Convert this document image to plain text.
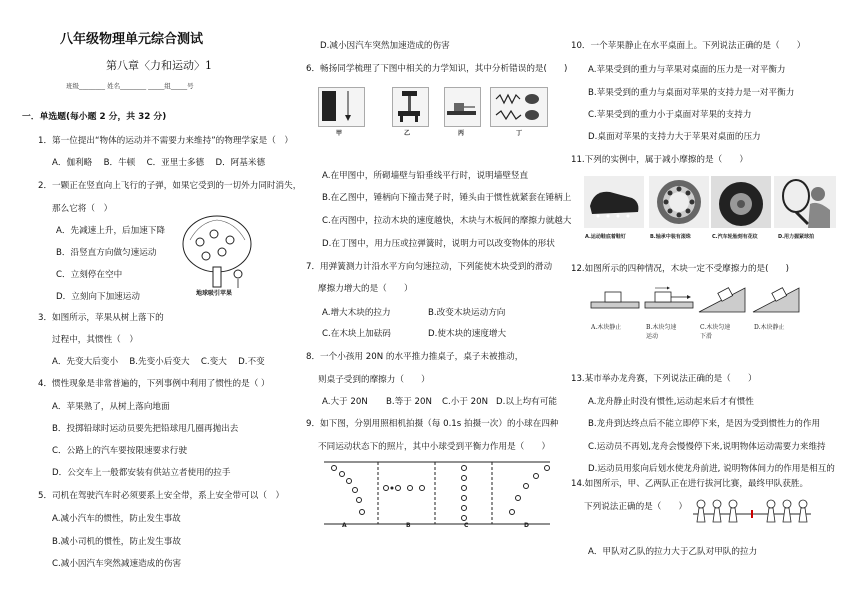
八年级物理单元综合测试
第八章〈力和运动〉1
班级________ 姓名________ _____组_____号
一．单选题(每小题 2 分，共 32 分)
1．第一位提出“物体的运动并不需要力来维持”的物理学家是（　）
A．伽利略　 B．牛顿　 C．亚里士多德　 D．阿基米德
2．一颗正在竖直向上飞行的子弹，如果它受到的一切外力同时消失，
那么它将（　）
A．先减速上升，后加速下降
B．沿竖直方向做匀速运动
C．立刻停在空中
D．立刻向下加速运动
3．如图所示，苹果从树上落下的
过程中，其惯性（　）
A．先变大后变小　 B.先变小后变大　 C.变大　 D.不变
4．惯性现象是非常普遍的，下列事例中利用了惯性的是（ ）
A．苹果熟了，从树上落向地面
B．投掷铅球时运动员要先把铅球甩几圈再抛出去
C．公路上的汽车要按限速要求行驶
D．公交车上一般都安装有供站立者使用的拉手
5．司机在驾驶汽车时必须要系上安全带，系上安全带可以（　）
A.减小汽车的惯性，防止发生事故
B.减小司机的惯性，防止发生事故
C.减小因汽车突然减速造成的伤害
地球吸引苹果
D.减小因汽车突然加速造成的伤害
6．畅扬同学梳理了下图中相关的力学知识，其中分析错误的是(　　)
甲	乙	丙	丁
A.在甲图中，所砌墙壁与铅垂线平行时，说明墙壁竖直
B.在乙图中，锤柄向下撞击凳子时，锤头由于惯性就紧套在锤柄上
C.在丙图中，拉动木块的速度越快，木块与木板间的摩擦力就越大
D.在丁图中，用力压或拉弹簧时，说明力可以改变物体的形状
7．用弹簧测力计沿水平方向匀速拉动，下列能使木块受到的滑动
摩擦力增大的是（　　）
A.增大木块的拉力	B.改变木块运动方向
C.在木块上加砝码	D.使木块的速度增大
8．一个小孩用 20N 的水平推力推桌子，桌子未被推动，
则桌子受到的摩擦力（　　）
A.大于 20N B.等于 20N C.小于 20N D.以上均有可能
9．如下图，分别用照相机拍摄（每 0.1s 拍摄一次）的小球在四种
不同运动状态下的照片，其中小球受到平衡力作用是（　　）
A	B	C	D
10．一个苹果静止在水平桌面上。下列说法正确的是（　　）
A.苹果受到的重力与苹果对桌面的压力是一对平衡力
B.苹果受到的重力与桌面对苹果的支持力是一对平衡力
C.苹果受到的重力小于桌面对苹果的支持力
D.桌面对苹果的支持力大于苹果对桌面的压力
11.下列的实例中，属于减小摩擦的是（　　）
A.运动鞋底着鞋钉	B.轴承中装有滚珠	C.汽车轮胎刻有花纹	D.用力握紧球拍
12.如图所示的四种情况，木块一定不受摩擦力的是(　　)
A.木块静止	B.木块匀速运动
C.木块匀速下滑
D.木块静止
13.某市举办龙舟赛，下列说法正确的是（　　）
A.龙舟静止时没有惯性,运动起来后才有惯性
B.龙舟到达终点后不能立即停下来，是因为受到惯性力的作用
C.运动员不再划,龙舟会慢慢停下来,说明物体运动需要力来维持
D.运动员用浆向后划水使龙舟前进, 说明物体间力的作用是相互的
14.如图所示，甲、乙两队正在进行拔河比赛，最终甲队获胜。
下列说法正确的是（　　）
A．甲队对乙队的拉力大于乙队对甲队的拉力
